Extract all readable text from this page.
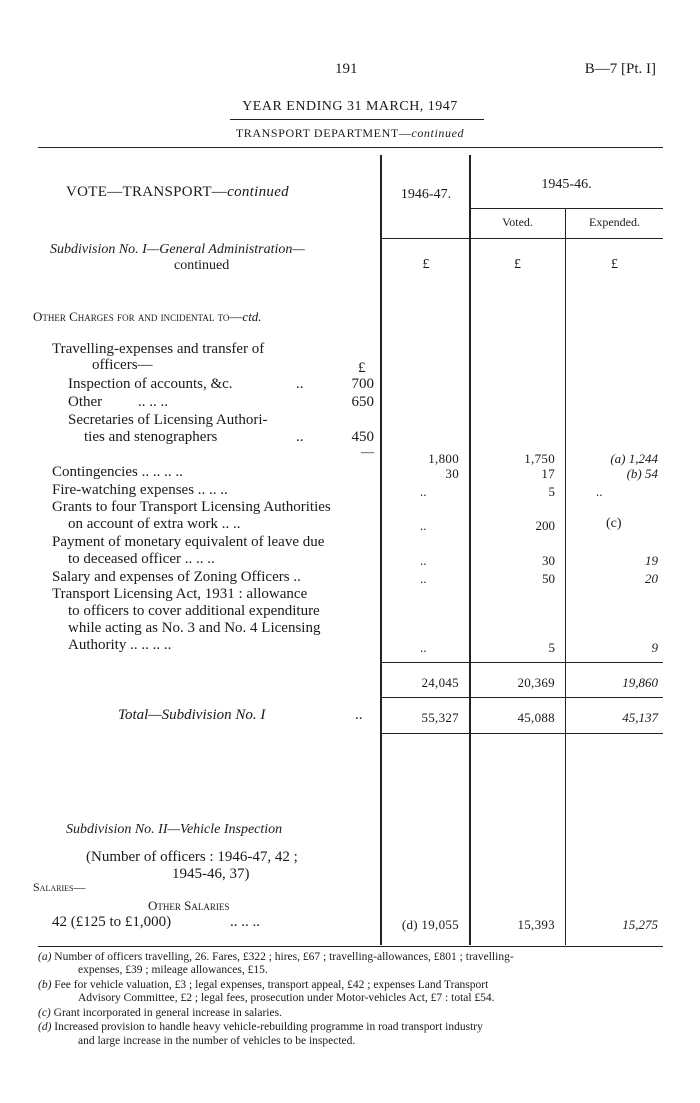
191	B—7 [Pt. I]
YEAR ENDING 31 MARCH, 1947
TRANSPORT DEPARTMENT—continued
VOTE—TRANSPORT—continued	1946-47.
1945-46.
Voted.	Expended.
Subdivision No. I—General Administration—
continued	£	£	£
Other Charges for and incidental to—ctd.
Travelling-expenses and transfer of
officers—	£
Inspection of accounts, &c.	..	700
Other .. .. ..	650
Secretaries of Licensing Authori-
ties and stenographers	..	450
—	1,800	1,750	(a) 1,244
Contingencies .. .. .. ..	30	17	(b) 54
Fire-watching expenses .. .. ..	..	5	..
Grants to four Transport Licensing Authorities
on account of extra work .. ..	..	200	(c)
Payment of monetary equivalent of leave due
to deceased officer .. .. ..	..	30	19
Salary and expenses of Zoning Officers ..	..	50	20
Transport Licensing Act, 1931 : allowance
to officers to cover additional expenditure
while acting as No. 3 and No. 4 Licensing
Authority .. .. .. ..	..	5	9
24,045	20,369	19,860
Total—Subdivision No. I	..	55,327	45,088	45,137
Subdivision No. II—Vehicle Inspection
(Number of officers : 1946-47, 42 ;
1945-46, 37)
Salaries—
Other Salaries
42 (£125 to £1,000)	.. .. ..	(d) 19,055	15,393	15,275
(a) Number of officers travelling, 26. Fares, £322 ; hires, £67 ; travelling-allowances, £801 ; travelling-
expenses, £39 ; mileage allowances, £15.
(b) Fee for vehicle valuation, £3 ; legal expenses, transport appeal, £42 ; expenses Land Transport
Advisory Committee, £2 ; legal fees, prosecution under Motor-vehicles Act, £7 : total £54.
(c) Grant incorporated in general increase in salaries.
(d) Increased provision to handle heavy vehicle-rebuilding programme in road transport industry
and large increase in the number of vehicles to be inspected.
